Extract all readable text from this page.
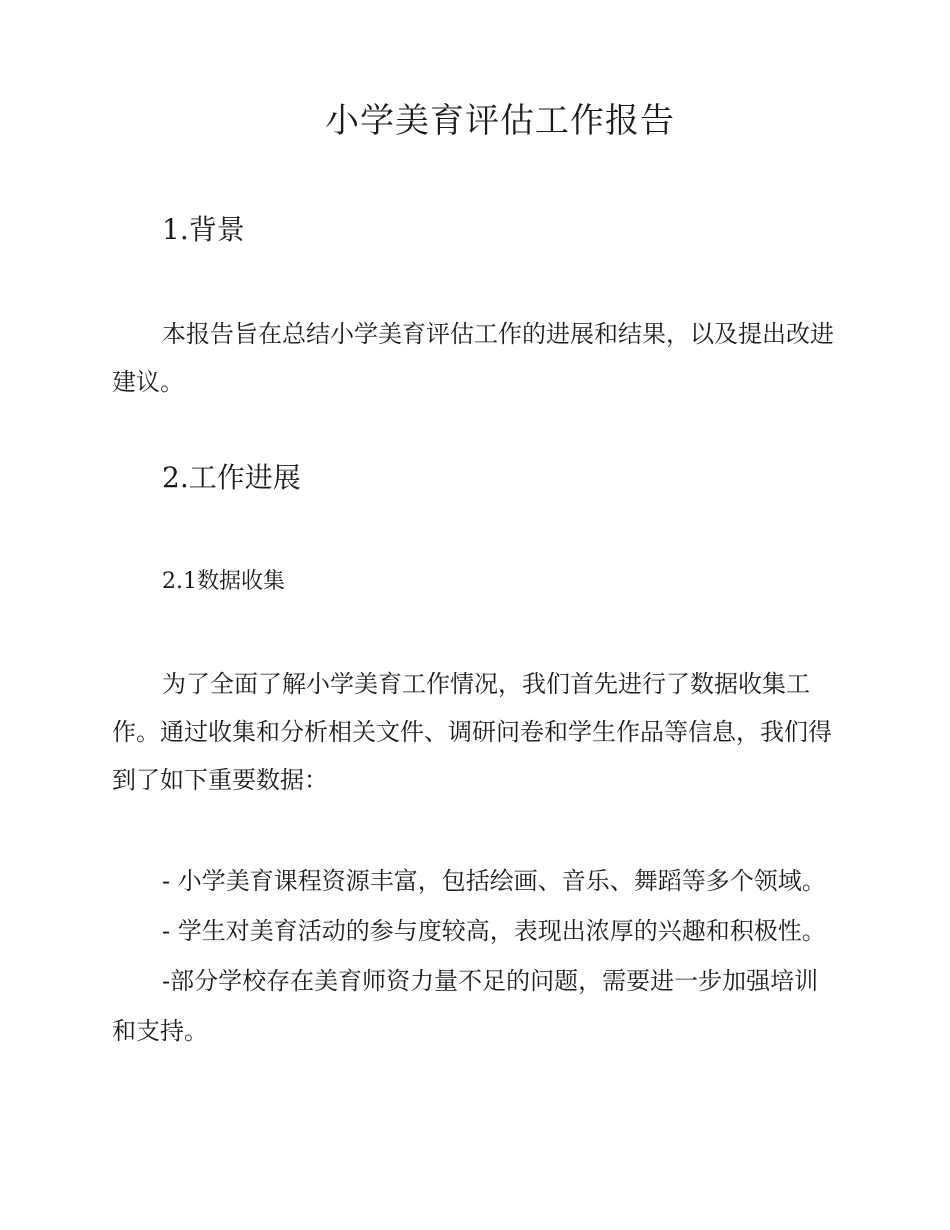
小学美育评估工作报告
1.背景

本报告旨在总结小学美育评估工作的进展和结果，以及提出改进建议。

2.工作进展
2.1数据收集

为了全面了解小学美育工作情况，我们首先进行了数据收集工作。通过收集和分析相关文件、调研问卷和学生作品等信息，我们得到了如下重要数据：

- 小学美育课程资源丰富，包括绘画、音乐、舞蹈等多个领域。

- 学生对美育活动的参与度较高，表现出浓厚的兴趣和积极性。

-部分学校存在美育师资力量不足的问题，需要进一步加强培训和支持。
